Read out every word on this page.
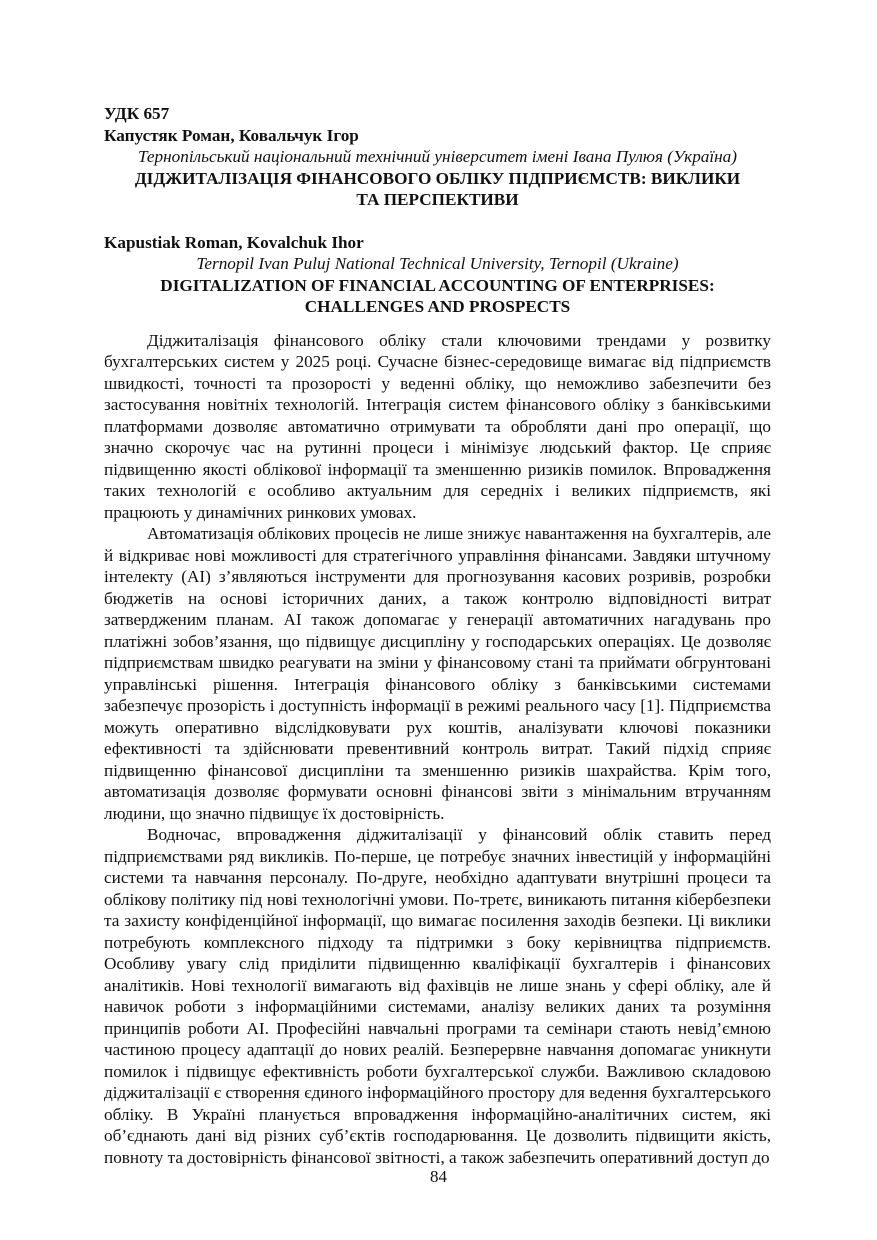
УДК 657
Капустяк Роман, Ковальчук Ігор
Тернопільський національний технічний університет імені Івана Пулюя (Україна)
ДІДЖИТАЛІЗАЦІЯ ФІНАНСОВОГО ОБЛІКУ ПІДПРИЄМСТВ: ВИКЛИКИ
ТА ПЕРСПЕКТИВИ
Kapustiak Roman, Kovalchuk Ihor
Ternopil Ivan Puluj National Technical University, Ternopil (Ukraine)
DIGITALIZATION OF FINANCIAL ACCOUNTING OF ENTERPRISES:
CHALLENGES AND PROSPECTS

Діджиталізація фінансового обліку стали ключовими трендами у розвитку бухгалтерських систем у 2025 році. Сучасне бізнес-середовище вимагає від підприємств швидкості, точності та прозорості у веденні обліку, що неможливо забезпечити без застосування новітніх технологій. Інтеграція систем фінансового обліку з банківськими платформами дозволяє автоматично отримувати та обробляти дані про операції, що значно скорочує час на рутинні процеси і мінімізує людський фактор. Це сприяє підвищенню якості облікової інформації та зменшенню ризиків помилок. Впровадження таких технологій є особливо актуальним для середніх і великих підприємств, які працюють у динамічних ринкових умовах.

Автоматизація облікових процесів не лише знижує навантаження на бухгалтерів, але й відкриває нові можливості для стратегічного управління фінансами. Завдяки штучному інтелекту (AI) з’являються інструменти для прогнозування касових розривів, розробки бюджетів на основі історичних даних, а також контролю відповідності витрат затвердженим планам. AI також допомагає у генерації автоматичних нагадувань про платіжні зобов’язання, що підвищує дисципліну у господарських операціях. Це дозволяє підприємствам швидко реагувати на зміни у фінансовому стані та приймати обгрунтовані управлінські рішення. Інтеграція фінансового обліку з банківськими системами забезпечує прозорість і доступність інформації в режимі реального часу [1]. Підприємства можуть оперативно відслідковувати рух коштів, аналізувати ключові показники ефективності та здійснювати превентивний контроль витрат. Такий підхід сприяє підвищенню фінансової дисципліни та зменшенню ризиків шахрайства. Крім того, автоматизація дозволяє формувати основні фінансові звіти з мінімальним втручанням людини, що значно підвищує їх достовірність.

Водночас, впровадження діджиталізації у фінансовий облік ставить перед підприємствами ряд викликів. По-перше, це потребує значних інвестицій у інформаційні системи та навчання персоналу. По-друге, необхідно адаптувати внутрішні процеси та облікову політику під нові технологічні умови. По-третє, виникають питання кібербезпеки та захисту конфіденційної інформації, що вимагає посилення заходів безпеки. Ці виклики потребують комплексного підходу та підтримки з боку керівництва підприємств. Особливу увагу слід приділити підвищенню кваліфікації бухгалтерів і фінансових аналітиків. Нові технології вимагають від фахівців не лише знань у сфері обліку, але й навичок роботи з інформаційними системами, аналізу великих даних та розуміння принципів роботи AI. Професійні навчальні програми та семінари стають невід’ємною частиною процесу адаптації до нових реалій. Безперервне навчання допомагає уникнути помилок і підвищує ефективність роботи бухгалтерської служби. Важливою складовою діджиталізації є створення єдиного інформаційного простору для ведення бухгалтерського обліку. В Україні планується впровадження інформаційно-аналітичних систем, які об’єднають дані від різних суб’єктів господарювання. Це дозволить підвищити якість, повноту та достовірність фінансової звітності, а також забезпечить оперативний доступ до

84
